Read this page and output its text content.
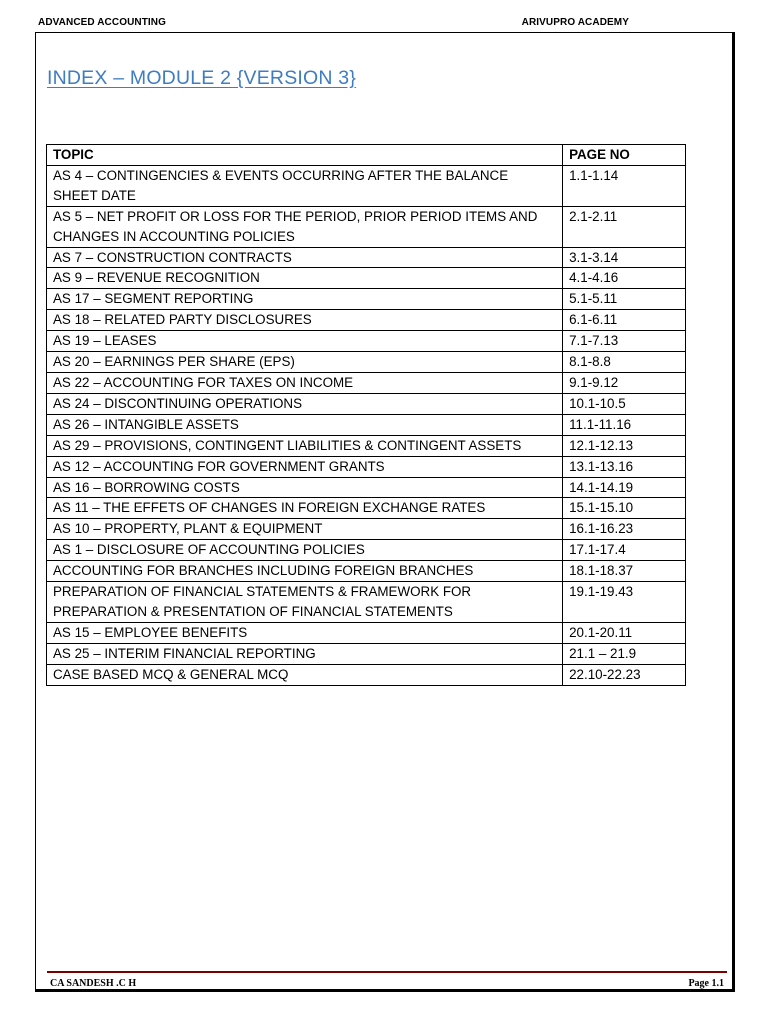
ADVANCED ACCOUNTING	ARIVUPRO ACADEMY
INDEX – MODULE 2 {VERSION 3}
TOPIC	PAGE NO
AS 4 – CONTINGENCIES & EVENTS OCCURRING AFTER THE BALANCE SHEET DATE	1.1-1.14
AS 5 – NET PROFIT OR LOSS FOR THE PERIOD, PRIOR PERIOD ITEMS AND CHANGES IN ACCOUNTING POLICIES	2.1-2.11
AS 7 – CONSTRUCTION CONTRACTS	3.1-3.14
AS 9 – REVENUE RECOGNITION	4.1-4.16
AS 17 – SEGMENT REPORTING	5.1-5.11
AS 18 – RELATED PARTY DISCLOSURES	6.1-6.11
AS 19 – LEASES	7.1-7.13
AS 20 – EARNINGS PER SHARE (EPS)	8.1-8.8
AS 22 – ACCOUNTING FOR TAXES ON INCOME	9.1-9.12
AS 24 – DISCONTINUING OPERATIONS	10.1-10.5
AS 26 – INTANGIBLE ASSETS	11.1-11.16
AS 29 – PROVISIONS, CONTINGENT LIABILITIES & CONTINGENT ASSETS	12.1-12.13
AS 12 – ACCOUNTING FOR GOVERNMENT GRANTS	13.1-13.16
AS 16 – BORROWING COSTS	14.1-14.19
AS 11 – THE EFFETS OF CHANGES IN FOREIGN EXCHANGE RATES	15.1-15.10
AS 10 – PROPERTY, PLANT & EQUIPMENT	16.1-16.23
AS 1 – DISCLOSURE OF ACCOUNTING POLICIES	17.1-17.4
ACCOUNTING FOR BRANCHES INCLUDING FOREIGN BRANCHES	18.1-18.37
PREPARATION OF FINANCIAL STATEMENTS & FRAMEWORK FOR PREPARATION & PRESENTATION OF FINANCIAL STATEMENTS	19.1-19.43
AS 15 – EMPLOYEE BENEFITS	20.1-20.11
AS 25 – INTERIM FINANCIAL REPORTING	21.1 – 21.9
CASE BASED MCQ & GENERAL MCQ	22.10-22.23
CA SANDESH .C H	Page 1.1
